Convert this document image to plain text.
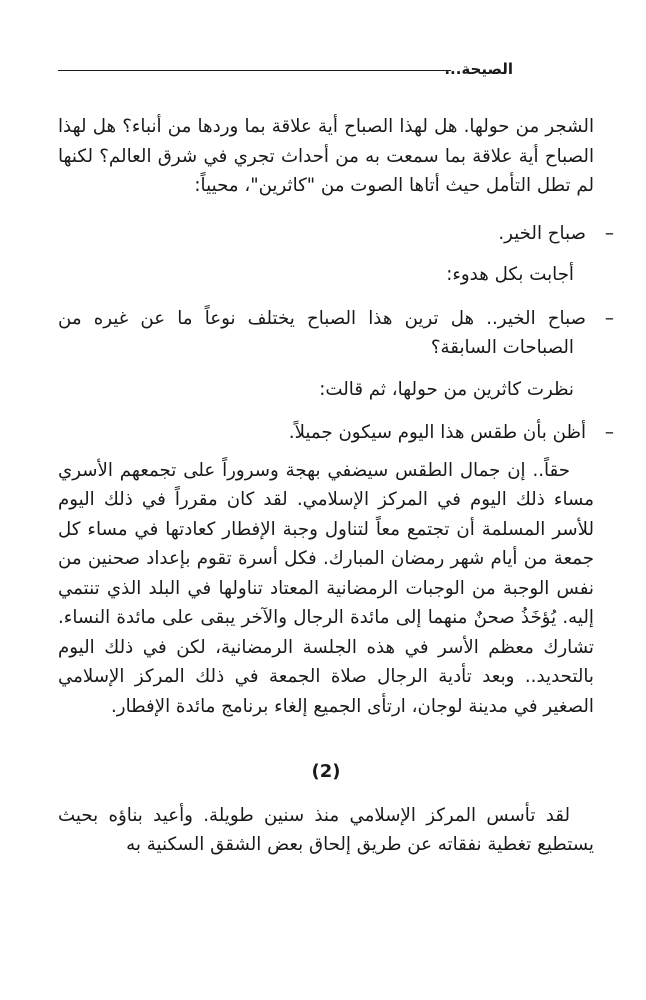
الصيحة...

الشجر من حولها. هل لهذا الصباح أية علاقة بما وردها من أنباء؟ هل لهذا الصباح أية علاقة بما سمعت به من أحداث تجري في شرق العالم؟ لكنها لم تطل التأمل حيث أتاها الصوت من "كاثرين"، محيياً:

–صباح الخير.

أجابت بكل هدوء:

–صباح الخير.. هل ترين هذا الصباح يختلف نوعاً ما عن غيره من الصباحات السابقة؟

نظرت كاثرين من حولها، ثم قالت:

–أظن بأن طقس هذا اليوم سيكون جميلاً.

حقاً.. إن جمال الطقس سيضفي بهجة وسروراً على تجمعهم الأسري مساء ذلك اليوم في المركز الإسلامي. لقد كان مقرراً في ذلك اليوم للأسر المسلمة أن تجتمع معاً لتناول وجبة الإفطار كعادتها في مساء كل جمعة من أيام شهر رمضان المبارك. فكل أسرة تقوم بإعداد صحنين من نفس الوجبة من الوجبات الرمضانية المعتاد تناولها في البلد الذي تنتمي إليه. يُؤخَذُ صحنٌ منهما إلى مائدة الرجال والآخر يبقى على مائدة النساء. تشارك معظم الأسر في هذه الجلسة الرمضانية، لكن في ذلك اليوم بالتحديد.. وبعد تأدية الرجال صلاة الجمعة في ذلك المركز الإسلامي الصغير في مدينة لوجان، ارتأى الجميع إلغاء برنامج مائدة الإفطار.

(2)

لقد تأسس المركز الإسلامي منذ سنين طويلة. وأعيد بناؤه بحيث يستطيع تغطية نفقاته عن طريق إلحاق بعض الشقق السكنية به
